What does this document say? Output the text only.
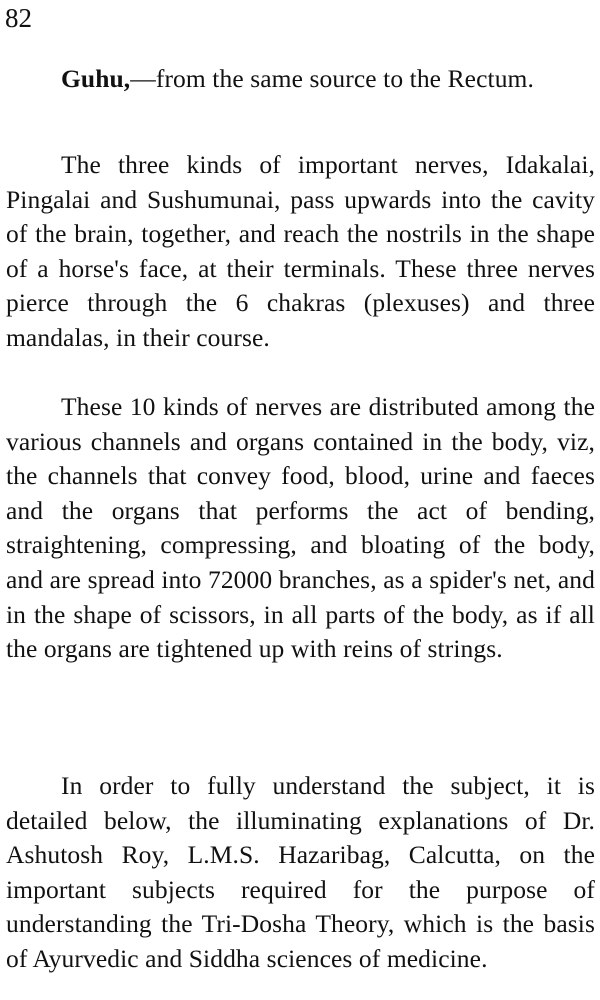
82

Guhu,—from the same source to the Rectum.

The three kinds of important nerves, Idakalai, Pingalai and Sushumunai, pass upwards into the cavity of the brain, together, and reach the nostrils in the shape of a horse's face, at their terminals. These three nerves pierce through the 6 chakras (plexuses) and three mandalas, in their course.

These 10 kinds of nerves are distributed among the various channels and organs contained in the body, viz, the channels that convey food, blood, urine and faeces and the organs that performs the act of bending, straightening, compressing, and bloating of the body, and are spread into 72000 branches, as a spider's net, and in the shape of scissors, in all parts of the body, as if all the organs are tightened up with reins of strings.

In order to fully understand the subject, it is detailed below, the illuminating explanations of Dr. Ashutosh Roy, L.M.S. Hazaribag, Calcutta, on the important subjects required for the purpose of understanding the Tri-Dosha Theory, which is the basis of Ayurvedic and Siddha sciences of medicine.
